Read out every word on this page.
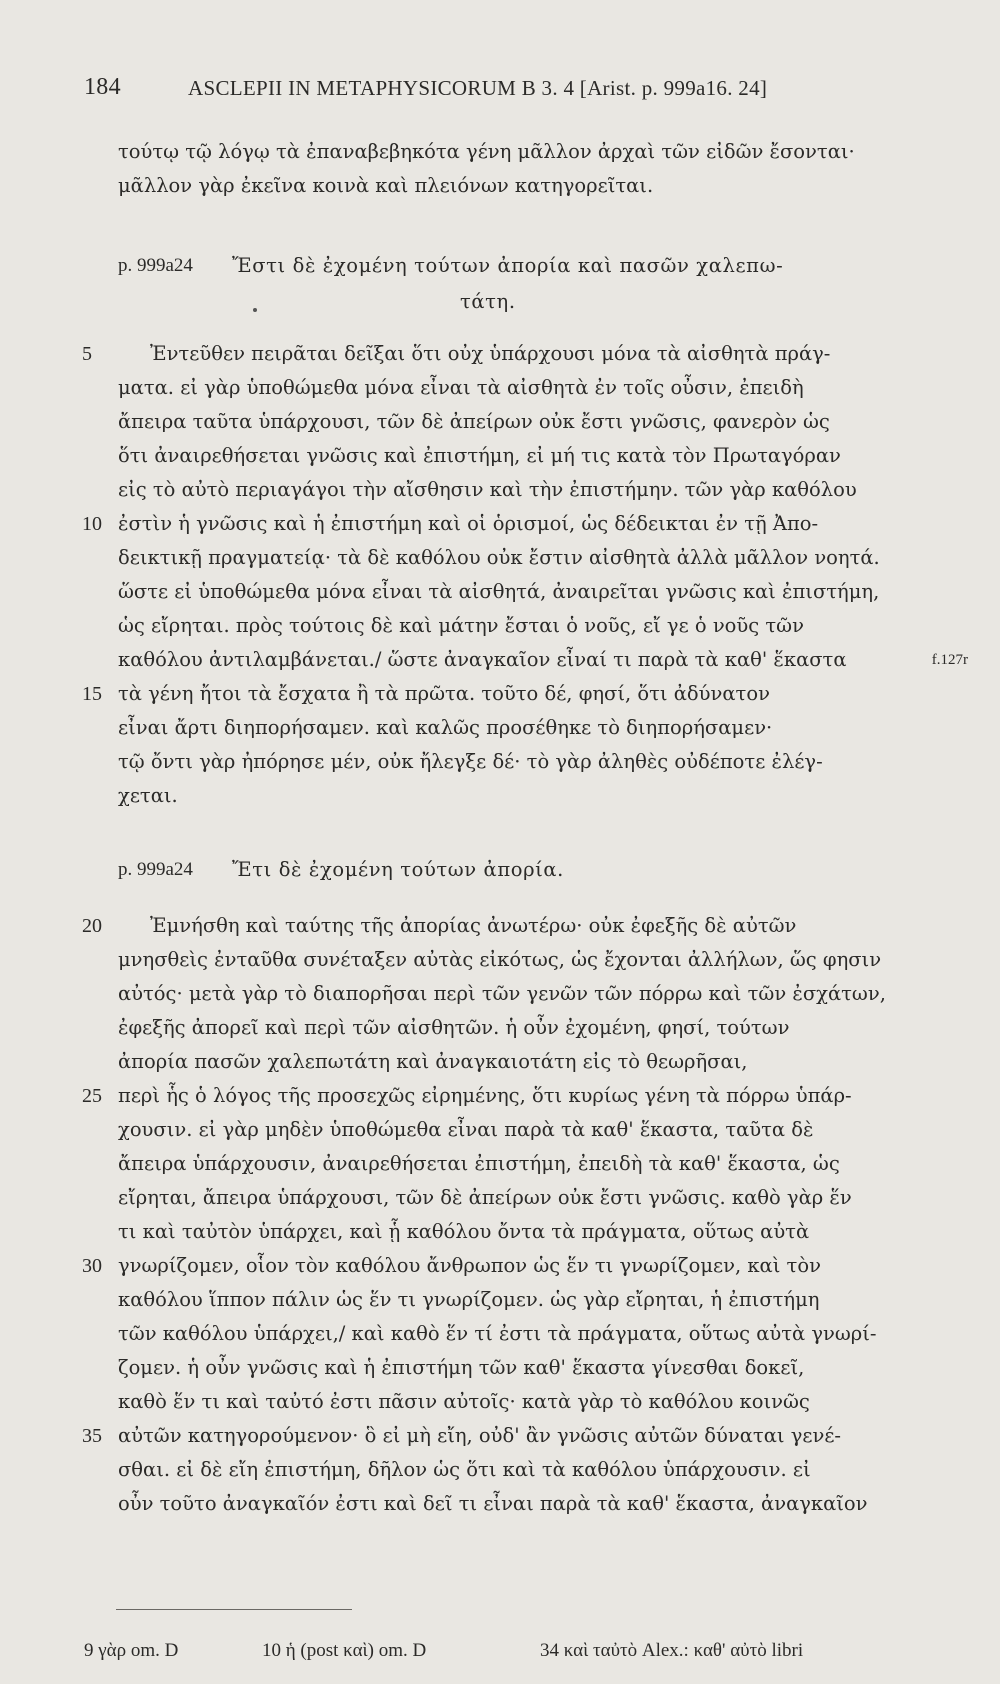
184	ASCLEPII IN METAPHYSICORUM B 3. 4 [Arist. p. 999a16. 24]
τούτῳ τῷ λόγῳ τὰ ἐπαναβεβηκότα γένη μᾶλλον ἀρχαὶ τῶν εἰδῶν ἔσονται·
μᾶλλον γὰρ ἐκεῖνα κοινὰ καὶ πλειόνων κατηγορεῖται.
p. 999a24 Ἔστι δὲ ἐχομένη τούτων ἀπορία καὶ πασῶν χαλεπω-
τάτη.
5	Ἐντεῦθεν πειρᾶται δεῖξαι ὅτι οὐχ ὑπάρχουσι μόνα τὰ αἰσθητὰ πράγ-
ματα. εἰ γὰρ ὑποθώμεθα μόνα εἶναι τὰ αἰσθητὰ ἐν τοῖς οὖσιν, ἐπειδὴ
ἄπειρα ταῦτα ὑπάρχουσι, τῶν δὲ ἀπείρων οὐκ ἔστι γνῶσις, φανερὸν ὡς
ὅτι ἀναιρεθήσεται γνῶσις καὶ ἐπιστήμη, εἰ μή τις κατὰ τὸν Πρωταγόραν
εἰς τὸ αὐτὸ περιαγάγοι τὴν αἴσθησιν καὶ τὴν ἐπιστήμην. τῶν γὰρ καθόλου
10 ἐστὶν ἡ γνῶσις καὶ ἡ ἐπιστήμη καὶ οἱ ὁρισμοί, ὡς δέδεικται ἐν τῇ Ἀπο-
δεικτικῇ πραγματείᾳ· τὰ δὲ καθόλου οὐκ ἔστιν αἰσθητὰ ἀλλὰ μᾶλλον νοητά.
ὥστε εἰ ὑποθώμεθα μόνα εἶναι τὰ αἰσθητά, ἀναιρεῖται γνῶσις καὶ ἐπιστήμη,
ὡς εἴρηται. πρὸς τούτοις δὲ καὶ μάτην ἔσται ὁ νοῦς, εἴ γε ὁ νοῦς τῶν
καθόλου ἀντιλαμβάνεται./ ὥστε ἀναγκαῖον εἶναί τι παρὰ τὰ καθ' ἕκαστα	f.127r
15 τὰ γένη ἤτοι τὰ ἔσχατα ἢ τὰ πρῶτα. τοῦτο δέ, φησί, ὅτι ἀδύνατον
εἶναι ἄρτι διηπορήσαμεν. καὶ καλῶς προσέθηκε τὸ διηπορήσαμεν·
τῷ ὄντι γὰρ ἠπόρησε μέν, οὐκ ἤλεγξε δέ· τὸ γὰρ ἀληθὲς οὐδέποτε ἐλέγ-
χεται.
p. 999a24 Ἔτι δὲ ἐχομένη τούτων ἀπορία.
20 Ἐμνήσθη καὶ ταύτης τῆς ἀπορίας ἀνωτέρω· οὐκ ἐφεξῆς δὲ αὐτῶν
μνησθεὶς ἐνταῦθα συνέταξεν αὐτὰς εἰκότως, ὡς ἔχονται ἀλλήλων, ὥς φησιν
αὐτός· μετὰ γὰρ τὸ διαπορῆσαι περὶ τῶν γενῶν τῶν πόρρω καὶ τῶν ἐσχάτων,
ἐφεξῆς ἀπορεῖ καὶ περὶ τῶν αἰσθητῶν. ἡ οὖν ἐχομένη, φησί, τούτων
ἀπορία πασῶν χαλεπωτάτη καὶ ἀναγκαιοτάτη εἰς τὸ θεωρῆσαι,
25 περὶ ἧς ὁ λόγος τῆς προσεχῶς εἰρημένης, ὅτι κυρίως γένη τὰ πόρρω ὑπάρ-
χουσιν. εἰ γὰρ μηδὲν ὑποθώμεθα εἶναι παρὰ τὰ καθ' ἕκαστα, ταῦτα δὲ
ἄπειρα ὑπάρχουσιν, ἀναιρεθήσεται ἐπιστήμη, ἐπειδὴ τὰ καθ' ἕκαστα, ὡς
εἴρηται, ἄπειρα ὑπάρχουσι, τῶν δὲ ἀπείρων οὐκ ἔστι γνῶσις. καθὸ γὰρ ἕν
τι καὶ ταὐτὸν ὑπάρχει, καὶ ᾗ καθόλου ὄντα τὰ πράγματα, οὕτως αὐτὰ
30 γνωρίζομεν, οἷον τὸν καθόλου ἄνθρωπον ὡς ἕν τι γνωρίζομεν, καὶ τὸν
καθόλου ἵππον πάλιν ὡς ἕν τι γνωρίζομεν. ὡς γὰρ εἴρηται, ἡ ἐπιστήμη
τῶν καθόλου ὑπάρχει,/ καὶ καθὸ ἕν τί ἐστι τὰ πράγματα, οὕτως αὐτὰ γνωρί-
ζομεν. ἡ οὖν γνῶσις καὶ ἡ ἐπιστήμη τῶν καθ' ἕκαστα γίνεσθαι δοκεῖ,
καθὸ ἕν τι καὶ ταὐτό ἐστι πᾶσιν αὐτοῖς· κατὰ γὰρ τὸ καθόλου κοινῶς
35 αὐτῶν κατηγορούμενον· ὃ εἰ μὴ εἴη, οὐδ' ἂν γνῶσις αὐτῶν δύναται γενέ-
σθαι. εἰ δὲ εἴη ἐπιστήμη, δῆλον ὡς ὅτι καὶ τὰ καθόλου ὑπάρχουσιν. εἰ
οὖν τοῦτο ἀναγκαῖόν ἐστι καὶ δεῖ τι εἶναι παρὰ τὰ καθ' ἕκαστα, ἀναγκαῖον
9 γὰρ om. D	10 ἡ (post καὶ) om. D	34 καὶ ταὐτὸ Alex.: καθ' αὐτὸ libri
